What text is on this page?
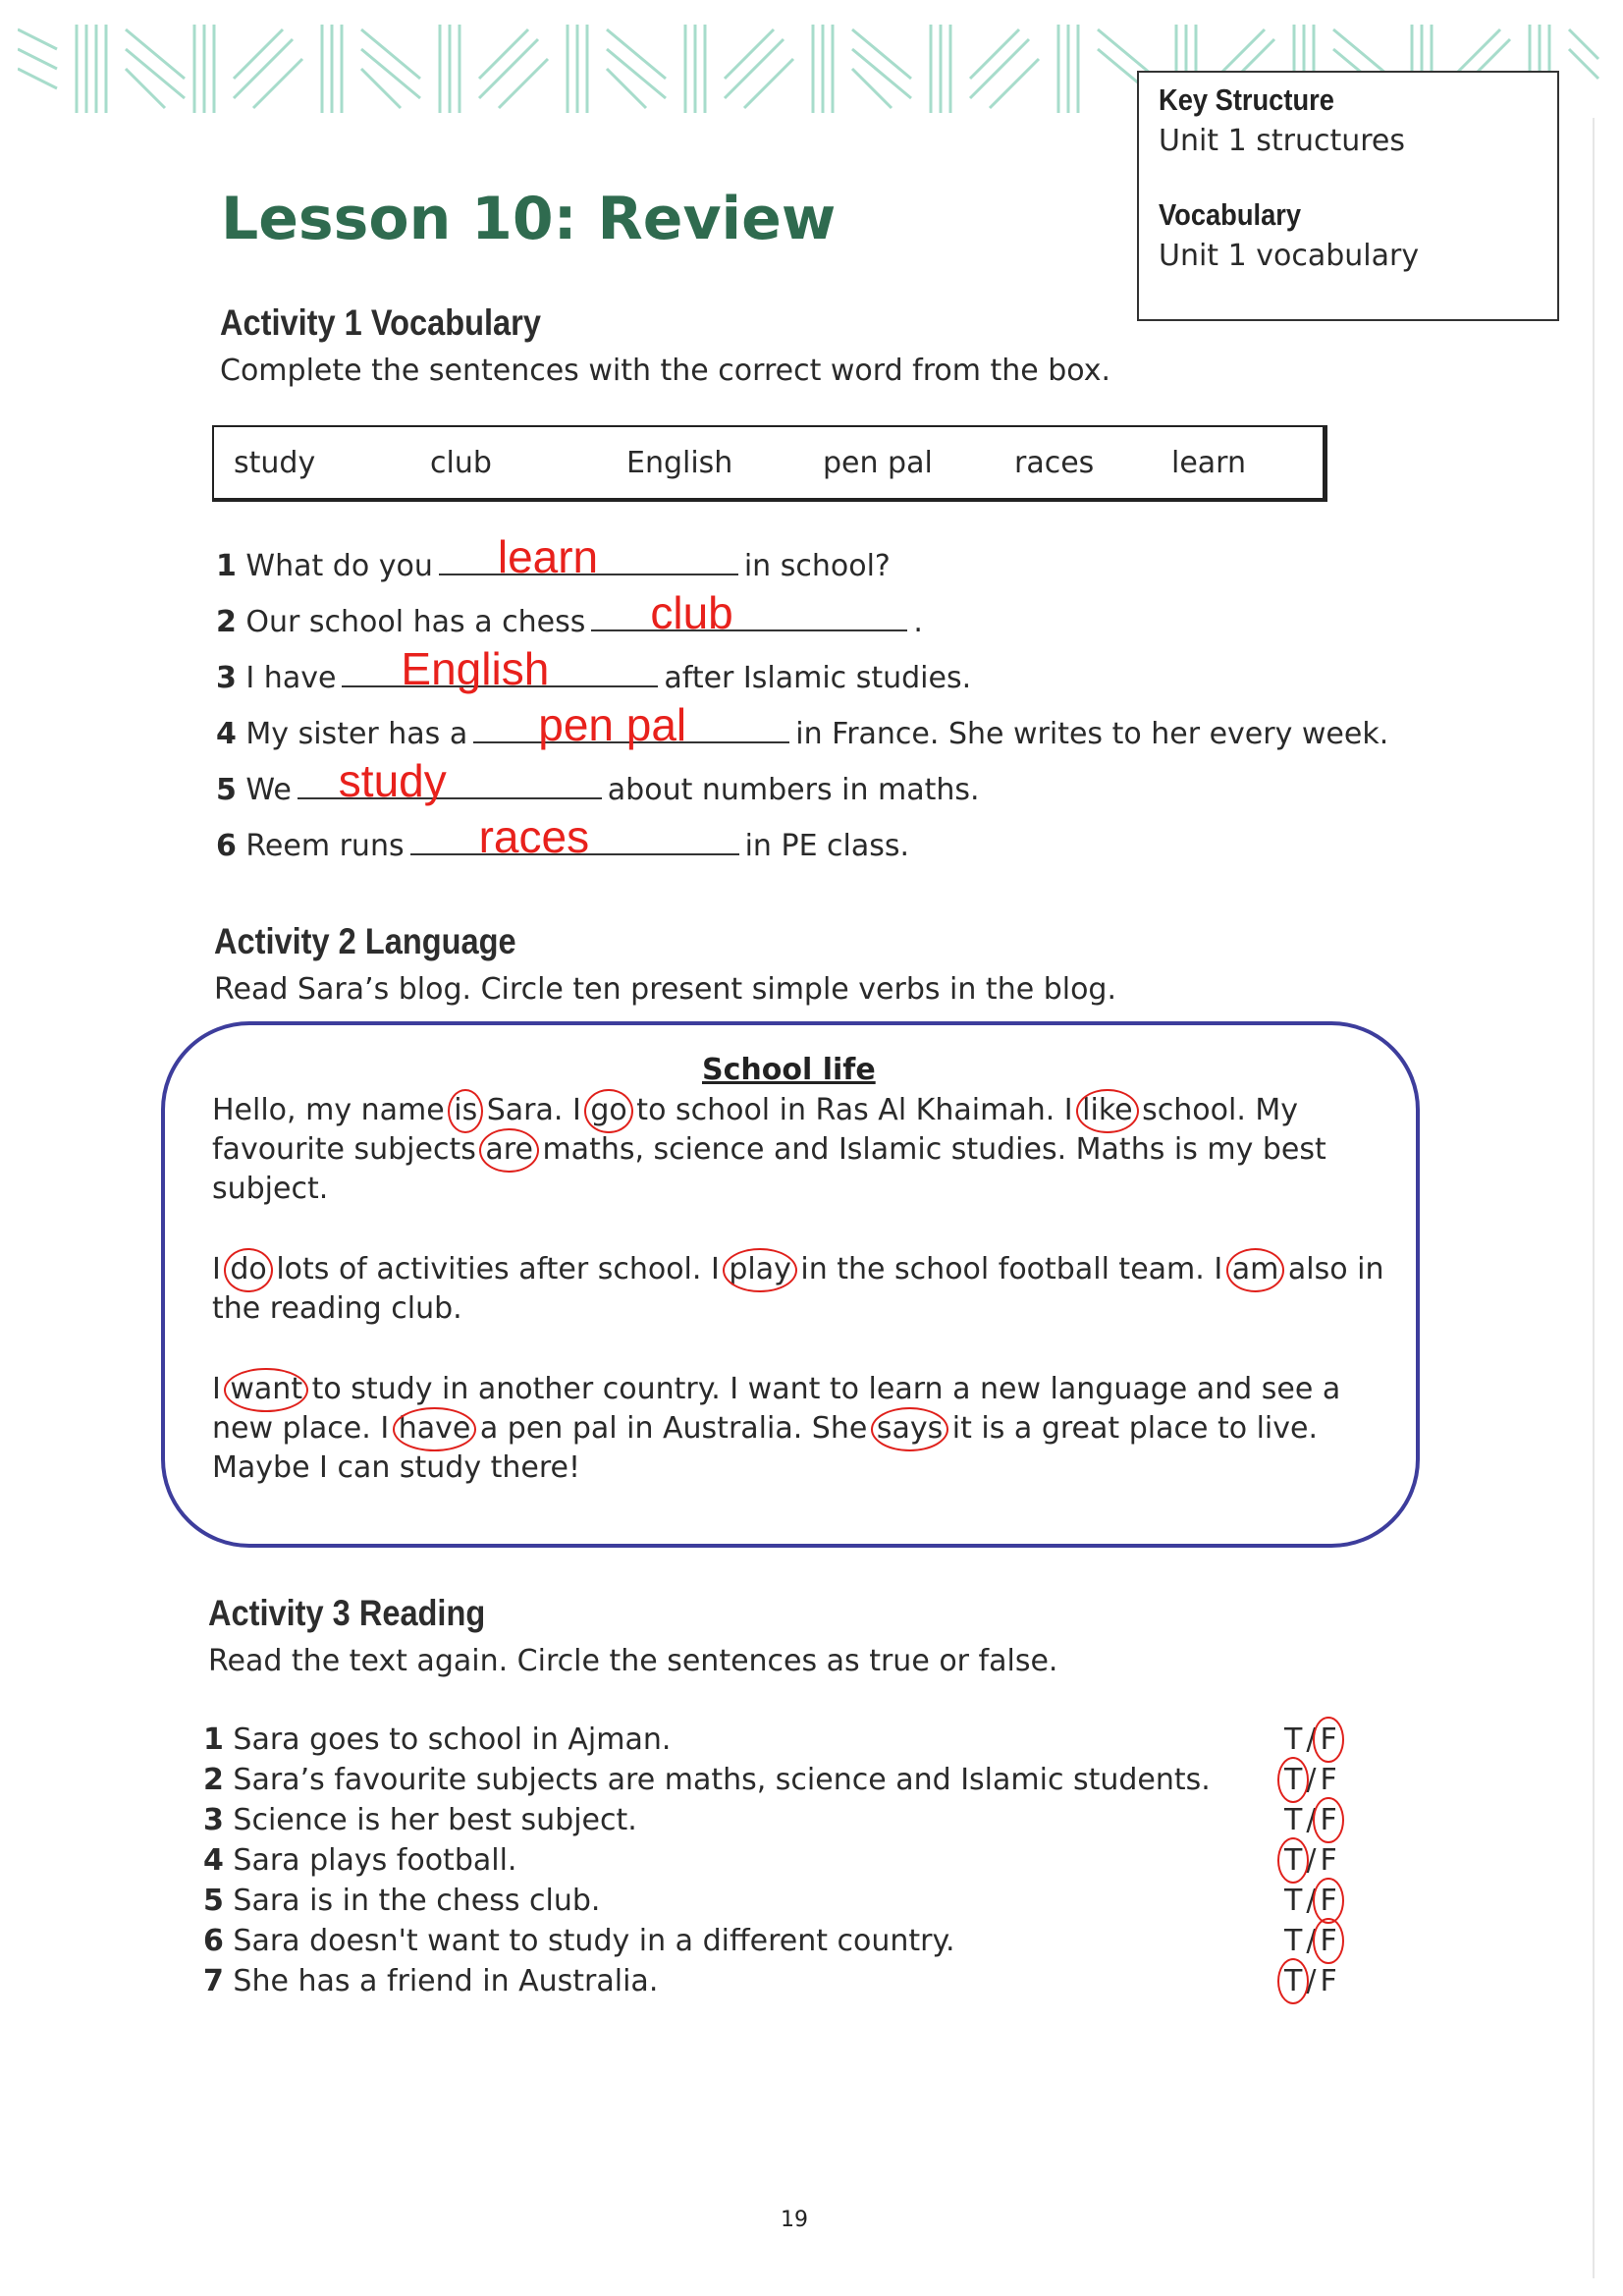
Key Structure
Unit 1 structures
Vocabulary
Unit 1 vocabulary
Lesson 10: Review
Activity 1 Vocabulary

Complete the sentences with the correct word from the box.

study	club	English	pen pal	races	learn
1 What do you learn	in school?
2 Our school has a chess club	.
3 I have English	after Islamic studies.
4 My sister has a pen pal	in France. She writes to her every week.
5 We study	about numbers in maths.
6 Reem runs races	in PE class.
Activity 2 Language

Read Sara’s blog. Circle ten present simple verbs in the blog.

School life
Hello, my name is Sara. I go to school in Ras Al Khaimah. I like school. My
favourite subjects are maths, science and Islamic studies. Maths is my best
subject.
I do lots of activities after school. I play in the school football team. I am also in
the reading club.
I want to study in another country. I want to learn a new language and see a
new place. I have a pen pal in Australia. She says it is a great place to live.
Maybe I can study there!
Activity 3 Reading

Read the text again. Circle the sentences as true or false.

1 Sara goes to school in Ajman.	T / F
2 Sara’s favourite subjects are maths, science and Islamic students.	T / F
3 Science is her best subject.	T / F
4 Sara plays football.	T / F
5 Sara is in the chess club.	T / F
6 Sara doesn't want to study in a different country.	T / F
7 She has a friend in Australia.	T / F
19
